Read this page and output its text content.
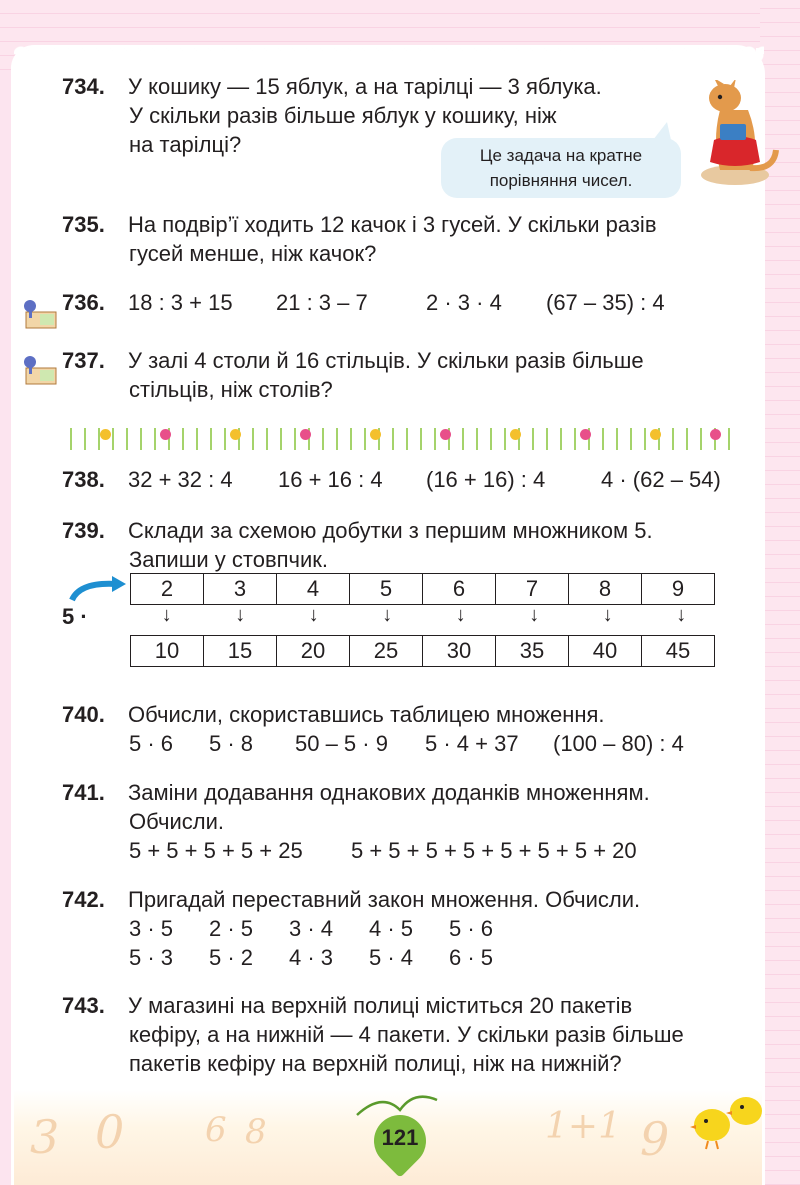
3 0 6 8	1+1 9
734. У кошику — 15 яблук, а на тарілці — 3 яблука.
У скільки разів більше яблук у кошику, ніж
на тарілці?	Це задача на кратне
порівняння чисел.
735. На подвір’ї ходить 12 качок і 3 гусей. У скільки разів
гусей менше, ніж качок?
736. 18 : 3 + 15 21 : 3 – 7	2 · 3 · 4 (67 – 35) : 4
737. У залі 4 столи й 16 стільців. У скільки разів більше
стільців, ніж столів?
738. 32 + 32 : 4 16 + 16 : 4 (16 + 16) : 4	4 · (62 – 54)
739. Склади за схемою добутки з першим множником 5.
Запиши у стовпчик.
5 ·
2	3	4	5	6	7	8	9
↓	↓	↓	↓	↓	↓	↓	↓
10	15	20	25	30	35	40	45
740. Обчисли, скориставшись таблицею множення.
5 · 6 5 · 8 50 – 5 · 9 5 · 4 + 37 (100 – 80) : 4
741. Заміни додавання однакових доданків множенням.
Обчисли.
5 + 5 + 5 + 5 + 25 5 + 5 + 5 + 5 + 5 + 5 + 5 + 20
742. Пригадай переставний закон множення. Обчисли.
3 · 5 2 · 5 3 · 4 4 · 5 5 · 6
5 · 3 5 · 2 4 · 3 5 · 4 6 · 5
743. У магазині на верхній полиці міститься 20 пакетів
кефіру, а на нижній — 4 пакети. У скільки разів більше
пакетів кефіру на верхній полиці, ніж на нижній?
121
